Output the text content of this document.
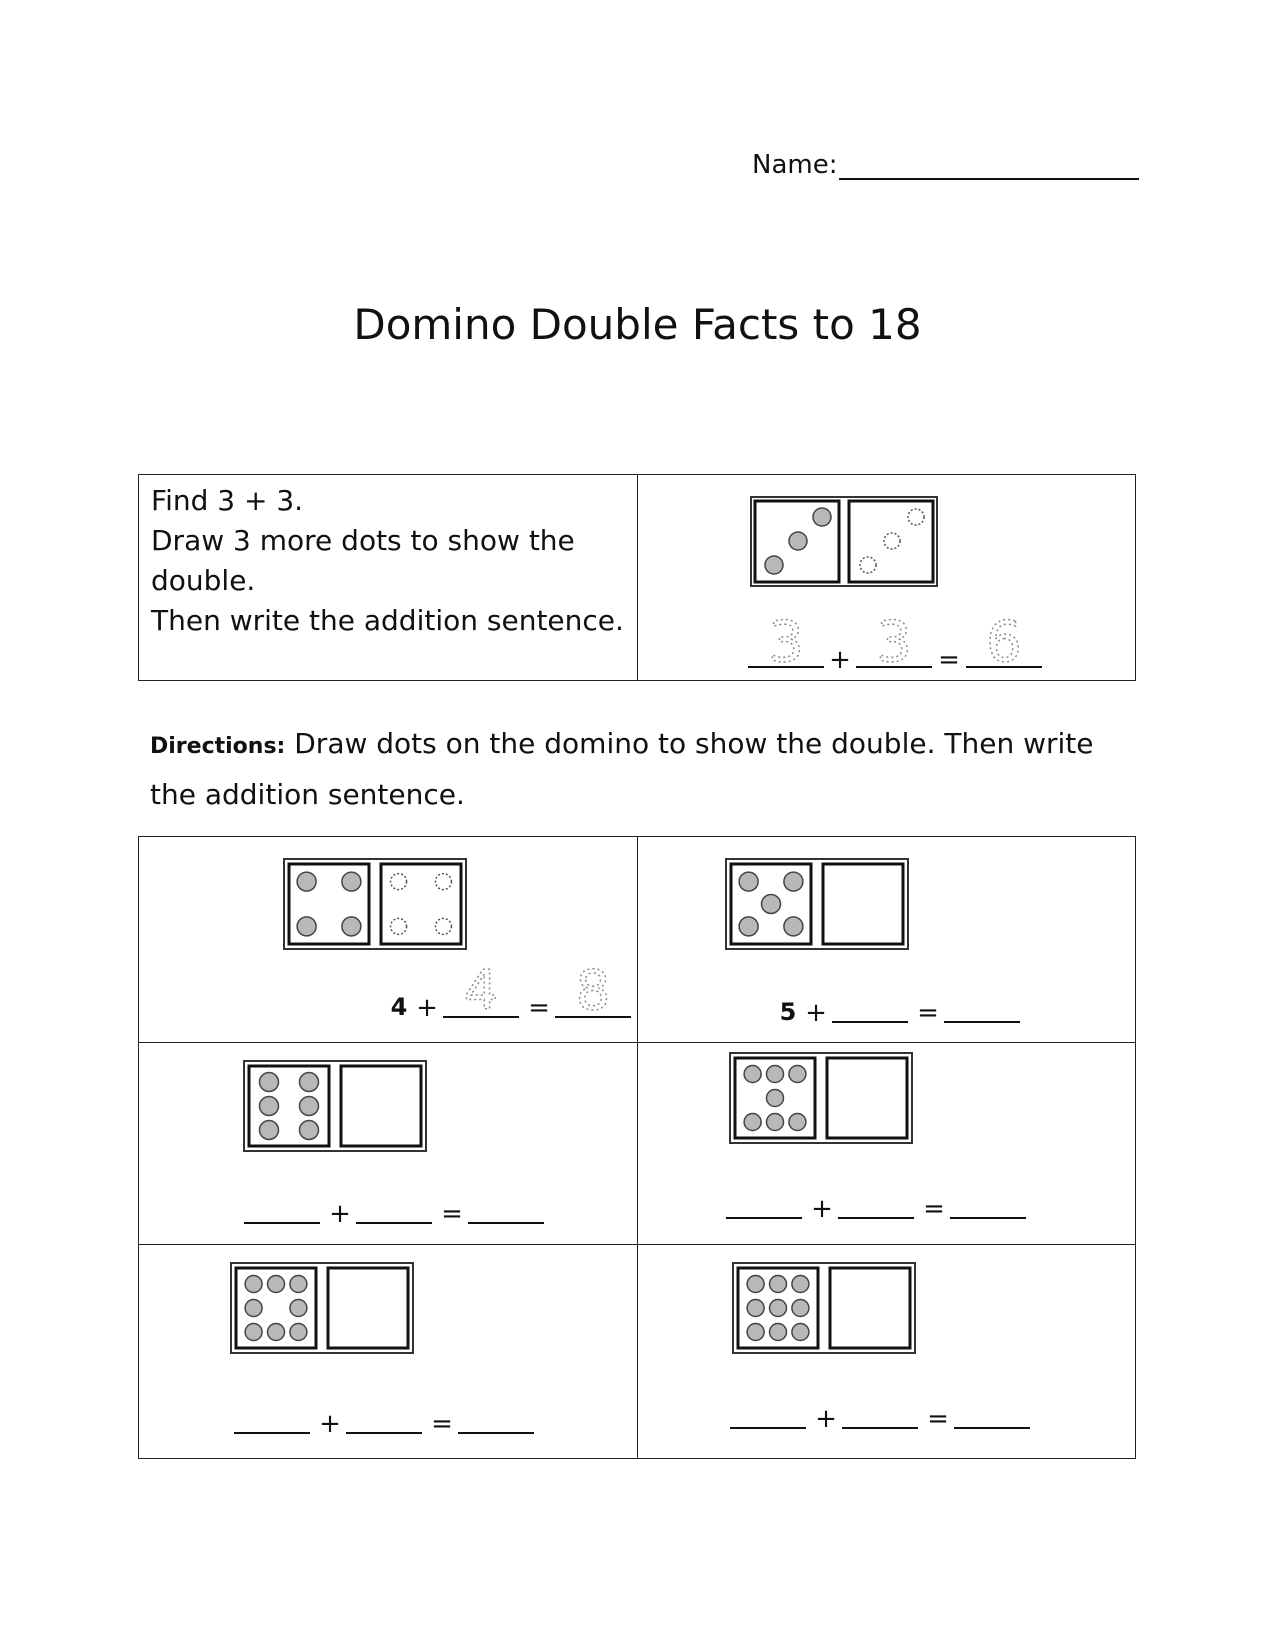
Name:
Domino Double Facts to 18
Find 3 + 3.
Draw 3 more dots to show the double.
Then write the addition sentence.	3 + 3 = 6
Directions: Draw dots on the domino to show the double. Then write the addition sentence.
4 + 4 = 8	5 + =

+ =	+ =

+ =	+ =
